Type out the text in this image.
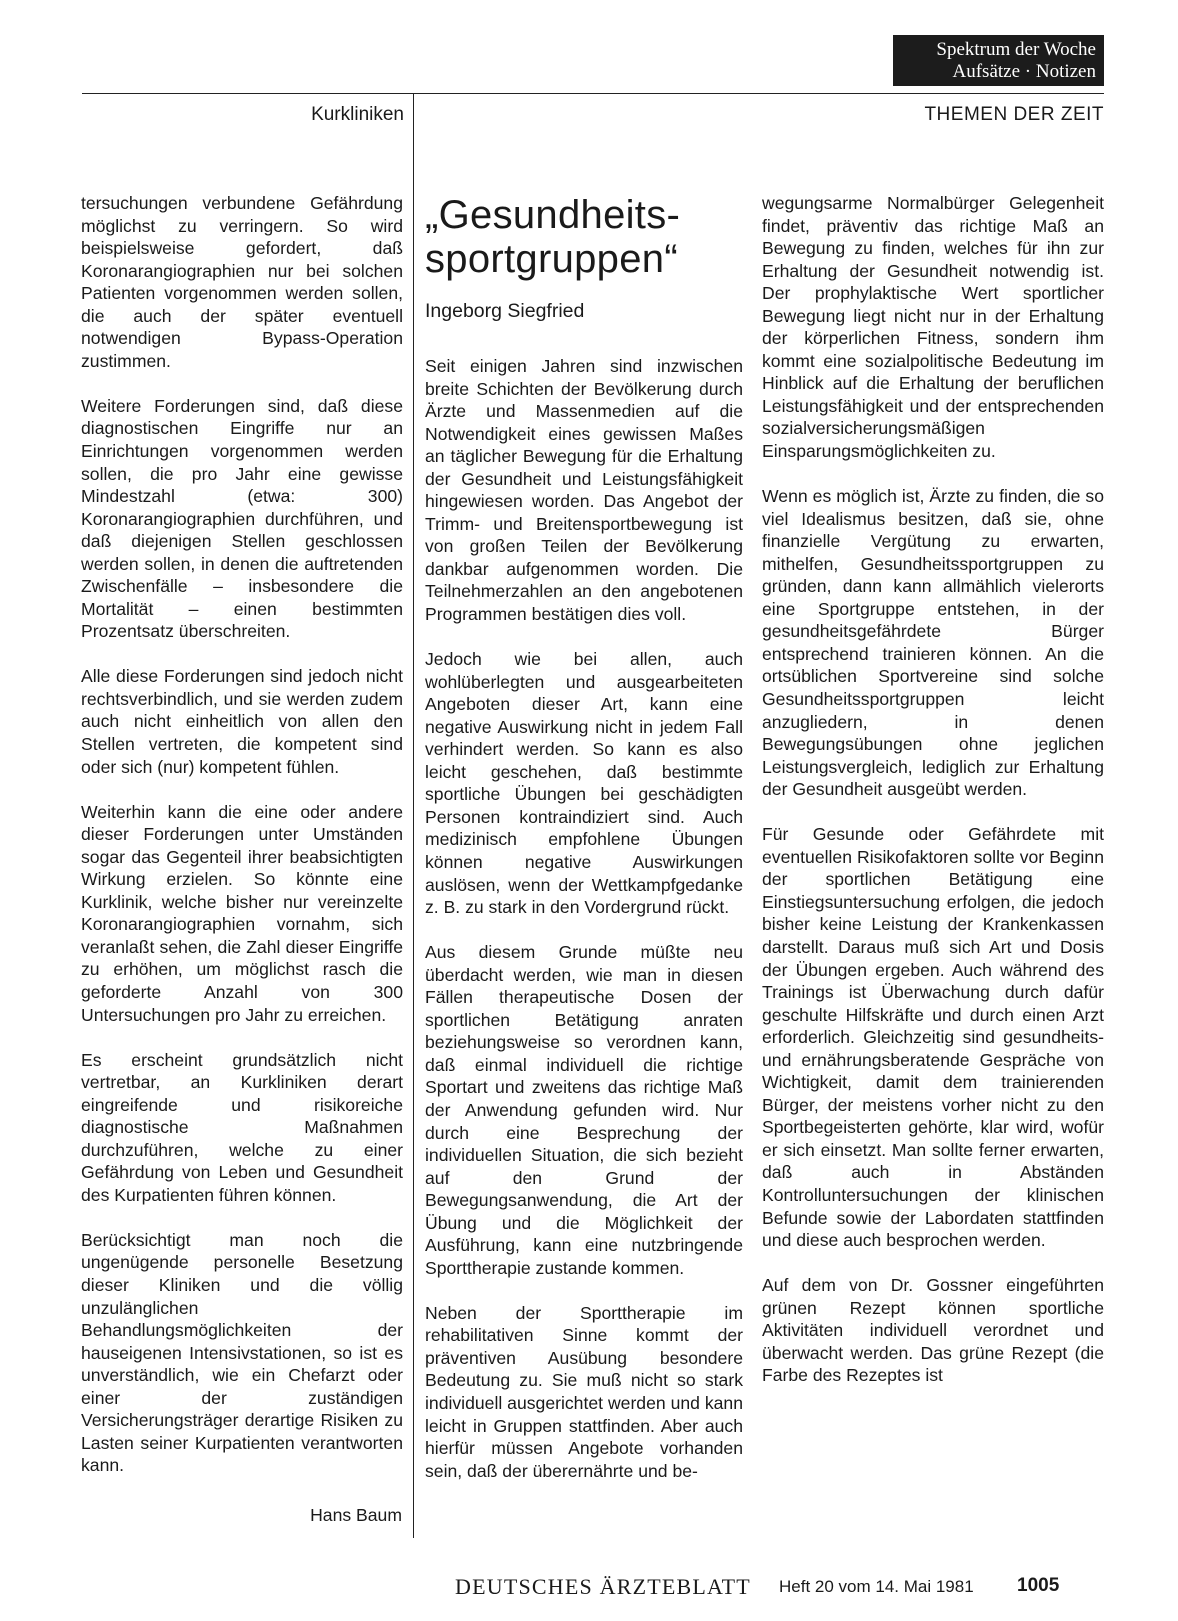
Spektrum der Woche
Aufsätze · Notizen
Kurkliniken	THEMEN DER ZEIT

tersuchungen verbundene Gefährdung möglichst zu verringern. So wird beispielsweise gefordert, daß Koronarangiographien nur bei solchen Patienten vorgenommen werden sollen, die auch der später eventuell notwendigen Bypass-Operation zustimmen.

Weitere Forderungen sind, daß diese diagnostischen Eingriffe nur an Einrichtungen vorgenommen werden sollen, die pro Jahr eine gewisse Mindestzahl (etwa: 300) Koronarangiographien durchführen, und daß diejenigen Stellen geschlossen werden sollen, in denen die auftretenden Zwischenfälle – insbesondere die Mortalität – einen bestimmten Prozentsatz überschreiten.

Alle diese Forderungen sind jedoch nicht rechtsverbindlich, und sie werden zudem auch nicht einheitlich von allen den Stellen vertreten, die kompetent sind oder sich (nur) kompetent fühlen.

Weiterhin kann die eine oder andere dieser Forderungen unter Umständen sogar das Gegenteil ihrer beabsichtigten Wirkung erzielen. So könnte eine Kurklinik, welche bisher nur vereinzelte Koronarangiographien vornahm, sich veranlaßt sehen, die Zahl dieser Eingriffe zu erhöhen, um möglichst rasch die geforderte Anzahl von 300 Untersuchungen pro Jahr zu erreichen.

Es erscheint grundsätzlich nicht vertretbar, an Kurkliniken derart eingreifende und risikoreiche diagnostische Maßnahmen durchzuführen, welche zu einer Gefährdung von Leben und Gesundheit des Kurpatienten führen können.

Berücksichtigt man noch die ungenügende personelle Besetzung dieser Kliniken und die völlig unzulänglichen Behandlungsmöglichkeiten der hauseigenen Intensivstationen, so ist es unverständlich, wie ein Chefarzt oder einer der zuständigen Versicherungsträger derartige Risiken zu Lasten seiner Kurpatienten verantworten kann.

Hans Baum
„Gesundheits-
sportgruppen“
Ingeborg Siegfried

Seit einigen Jahren sind inzwischen breite Schichten der Bevölkerung durch Ärzte und Massenmedien auf die Notwendigkeit eines gewissen Maßes an täglicher Bewegung für die Erhaltung der Gesundheit und Leistungsfähigkeit hingewiesen worden. Das Angebot der Trimm- und Breitensportbewegung ist von großen Teilen der Bevölkerung dankbar aufgenommen worden. Die Teilnehmerzahlen an den angebotenen Programmen bestätigen dies voll.

Jedoch wie bei allen, auch wohlüberlegten und ausgearbeiteten Angeboten dieser Art, kann eine negative Auswirkung nicht in jedem Fall verhindert werden. So kann es also leicht geschehen, daß bestimmte sportliche Übungen bei geschädigten Personen kontraindiziert sind. Auch medizinisch empfohlene Übungen können negative Auswirkungen auslösen, wenn der Wettkampfgedanke z. B. zu stark in den Vordergrund rückt.

Aus diesem Grunde müßte neu überdacht werden, wie man in diesen Fällen therapeutische Dosen der sportlichen Betätigung anraten beziehungsweise so verordnen kann, daß einmal individuell die richtige Sportart und zweitens das richtige Maß der Anwendung gefunden wird. Nur durch eine Besprechung der individuellen Situation, die sich bezieht auf den Grund der Bewegungsanwendung, die Art der Übung und die Möglichkeit der Ausführung, kann eine nutzbringende Sporttherapie zustande kommen.

Neben der Sporttherapie im rehabilitativen Sinne kommt der präventiven Ausübung besondere Bedeutung zu. Sie muß nicht so stark individuell ausgerichtet werden und kann leicht in Gruppen stattfinden. Aber auch hierfür müssen Angebote vorhanden sein, daß der überernährte und be-

wegungsarme Normalbürger Gelegenheit findet, präventiv das richtige Maß an Bewegung zu finden, welches für ihn zur Erhaltung der Gesundheit notwendig ist. Der prophylaktische Wert sportlicher Bewegung liegt nicht nur in der Erhaltung der körperlichen Fitness, sondern ihm kommt eine sozialpolitische Bedeutung im Hinblick auf die Erhaltung der beruflichen Leistungsfähigkeit und der entsprechenden sozialversicherungsmäßigen Einsparungsmöglichkeiten zu.

Wenn es möglich ist, Ärzte zu finden, die so viel Idealismus besitzen, daß sie, ohne finanzielle Vergütung zu erwarten, mithelfen, Gesundheitssportgruppen zu gründen, dann kann allmählich vielerorts eine Sportgruppe entstehen, in der gesundheitsgefährdete Bürger entsprechend trainieren können. An die ortsüblichen Sportvereine sind solche Gesundheitssportgruppen leicht anzugliedern, in denen Bewegungsübungen ohne jeglichen Leistungsvergleich, lediglich zur Erhaltung der Gesundheit ausgeübt werden.

Für Gesunde oder Gefährdete mit eventuellen Risikofaktoren sollte vor Beginn der sportlichen Betätigung eine Einstiegsuntersuchung erfolgen, die jedoch bisher keine Leistung der Krankenkassen darstellt. Daraus muß sich Art und Dosis der Übungen ergeben. Auch während des Trainings ist Überwachung durch dafür geschulte Hilfskräfte und durch einen Arzt erforderlich. Gleichzeitig sind gesundheits- und ernährungsberatende Gespräche von Wichtigkeit, damit dem trainierenden Bürger, der meistens vorher nicht zu den Sportbegeisterten gehörte, klar wird, wofür er sich einsetzt. Man sollte ferner erwarten, daß auch in Abständen Kontrolluntersuchungen der klinischen Befunde sowie der Labordaten stattfinden und diese auch besprochen werden.

Auf dem von Dr. Gossner eingeführten grünen Rezept können sportliche Aktivitäten individuell verordnet und überwacht werden. Das grüne Rezept (die Farbe des Rezeptes ist

DEUTSCHES ÄRZTEBLATT Heft 20 vom 14. Mai 1981 1005
